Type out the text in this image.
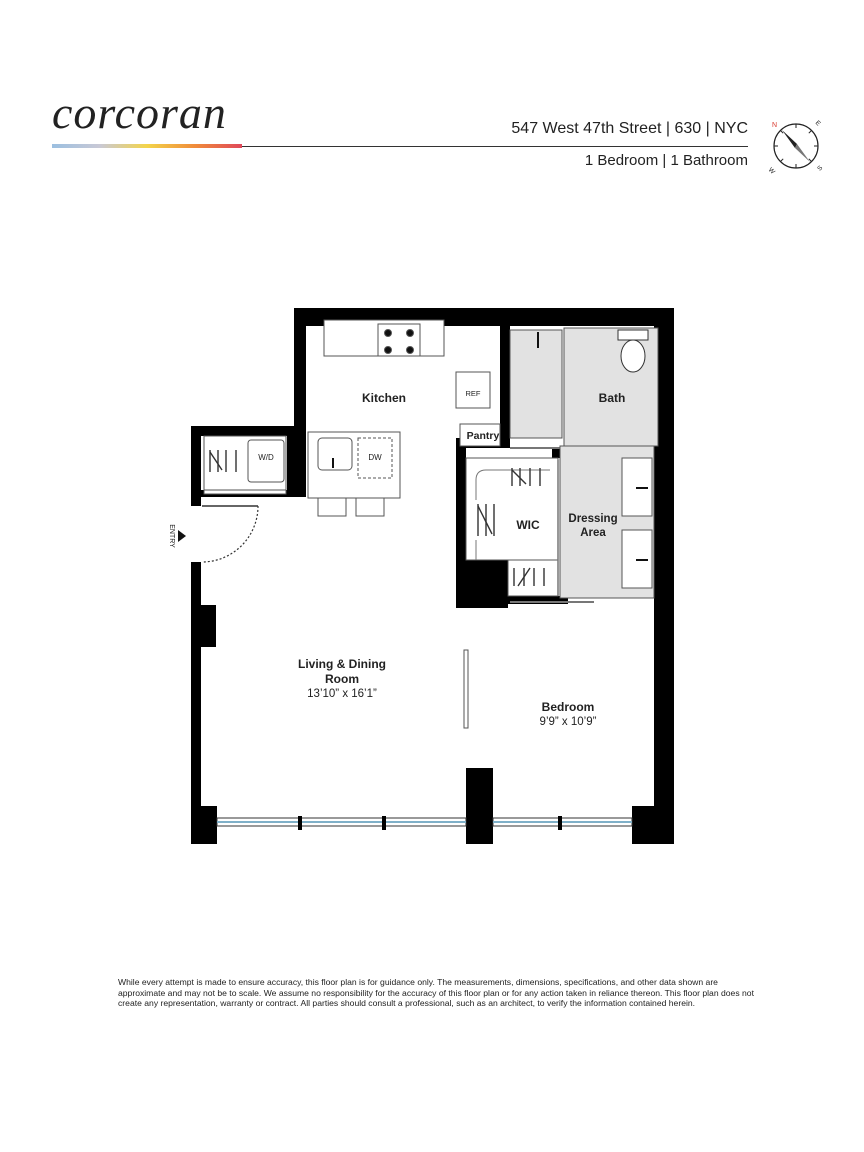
corcoran	547 West 47th Street | 630 | NYC
1 Bedroom | 1 Bathroom
N	E
S
W
Kitchen	Bath
Pantry
WIC Dressing
Area
Living & Dining
Room
13’10” x 16’1”
Bedroom
9’9” x 10’9”
REF
DW
W/D
ENTRY
While every attempt is made to ensure accuracy, this floor plan is for guidance only. The measurements, dimensions, specifications, and other data shown are approximate and may not be to scale. We assume no responsibility for the accuracy of this floor plan or for any action taken in reliance thereon. This floor plan does not create any representation, warranty or contract. All parties should consult a professional, such as an architect, to verify the information contained herein.
